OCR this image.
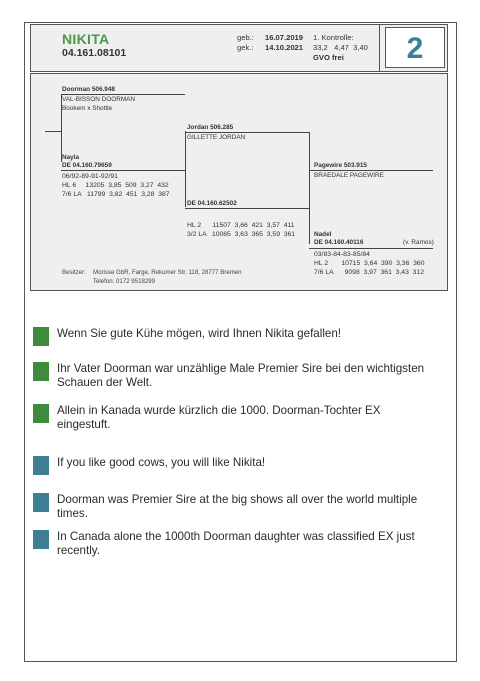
NIKITA
04.161.08101
geb.: 16.07.2019
gek.: 14.10.2021
1. Kontrolle:
33,2   4,47  3,40
GVO frei	2
Doorman 506.948
VAL-BISSON DOORMAN
Bookem x Shottle
Nayla
DE 04.160.79659
06/92-89-91-92/91
HL 6     13205  3,85  509  3,27  432
7/6 LA   11799  3,82  451  3,28  387
Jordan 506.285
GILLETTE JORDAN
DE 04.160.62502
HL 2      11507  3,66  421  3,57  411
3/2 LA   10065  3,63  365  3,59  361
Pagewire 503.915
BRAEDALE PAGEWIRE
Nadel
DE 04.160.40116	(v. Ramos)
03/83-84-83-85/84
HL 2       10715  3,64  390  3,36  360
7/6 LA      9098  3,97  361  3,43  312
Besitzer: Morisse GbR, Farge, Rekumer Str. 118, 28777 Bremen
Telefon: 0172 9518299
Wenn Sie gute Kühe mögen, wird Ihnen Nikita gefallen!
Ihr Vater Doorman war unzählige Male Premier Sire bei den wichtigsten Schauen der Welt.
Allein in Kanada wurde kürzlich die 1000. Doorman-Tochter EX eingestuft.
If you like good cows, you will like Nikita!
Doorman was Premier Sire at the big shows all over the world multiple times.
In Canada alone the 1000th Doorman daughter was classified EX just recently.
